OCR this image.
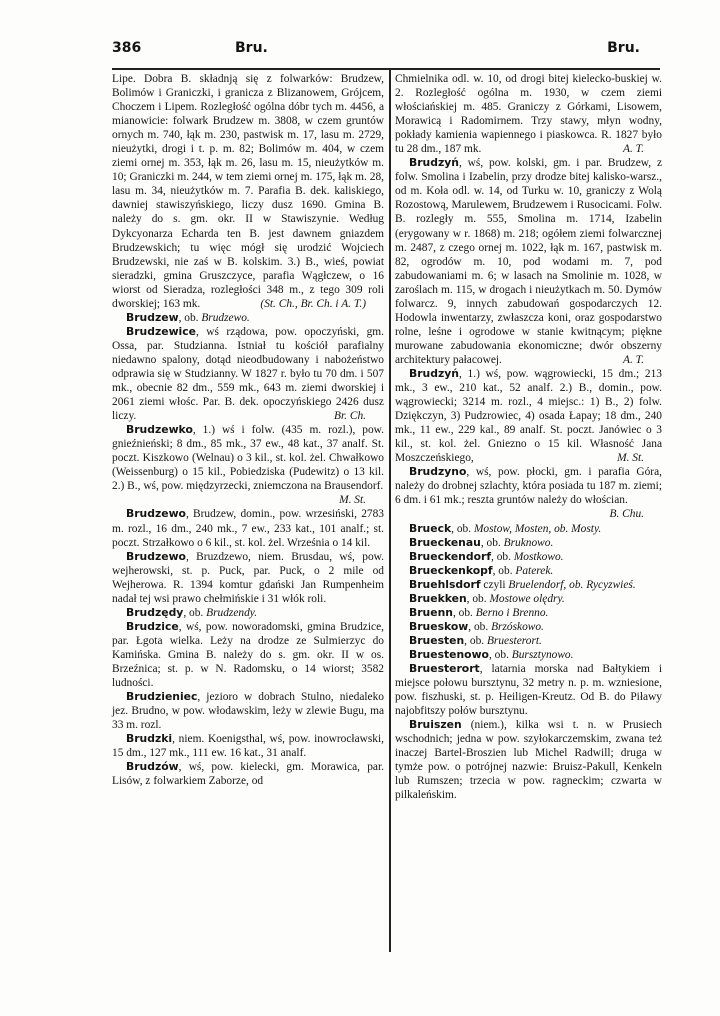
386	Bru.	Bru.

Lipe. Dobra B. składnją się z folwarków: Brudzew, Bolimów i Graniczki, i granicza z Blizanowem, Grójcem, Choczem i Lipem. Rozległość ogólna dóbr tych m. 4456, a mianowicie: folwark Brudzew m. 3808, w czem gruntów ornych m. 740, łąk m. 230, pastwisk m. 17, lasu m. 2729, nieużytki, drogi i t. p. m. 82; Bolimów m. 404, w czem ziemi ornej m. 353, łąk m. 26, lasu m. 15, nieużytków m. 10; Graniczki m. 244, w tem ziemi ornej m. 175, łąk m. 28, lasu m. 34, nieużytków m. 7. Parafia B. dek. kaliskiego, dawniej stawiszyńskiego, liczy dusz 1690. Gmina B. należy do s. gm. okr. II w Stawiszynie. Według Dykcyonarza Echarda ten B. jest dawnem gniazdem Brudzewskich; tu więc mógł się urodzić Wojciech Brudzewski, nie zaś w B. kolskim. 3.) B., wieś, powiat sieradzki, gmina Gruszczyce, parafia Wągłczew, o 16 wiorst od Sieradza, rozległości 348 m., z tego 309 roli dworskiej; 163 mk.	(St. Ch., Br. Ch. i A. T.)

Brudzew, ob. Brudzewo.

Brudzewice, wś rządowa, pow. opoczyński, gm. Ossa, par. Studzianna. Istniał tu kościół parafialny niedawno spalony, dotąd nieodbudowany i nabożeństwo odprawia się w Studzianny. W 1827 r. było tu 70 dm. i 507 mk., obecnie 82 dm., 559 mk., 643 m. ziemi dworskiej i 2061 ziemi włośc. Par. B. dek. opoczyńskiego 2426 dusz liczy.	Br. Ch.

Brudzewko, 1.) wś i folw. (435 m. rozl.), pow. gnieźnieński; 8 dm., 85 mk., 37 ew., 48 kat., 37 analf. St. poczt. Kiszkowo (Welnau) o 3 kil., st. kol. żel. Chwałkowo (Weissenburg) o 15 kil., Pobiedziska (Pudewitz) o 13 kil. 2.) B., wś, pow. międzyrzecki, zniemczona na Brausendorf.
M. St.

Brudzewo, Brudzew, domin., pow. wrzesiński, 2783 m. rozl., 16 dm., 240 mk., 7 ew., 233 kat., 101 analf.; st. poczt. Strzałkowo o 6 kil., st. kol. żel. Września o 14 kil.

Brudzewo, Bruzdzewo, niem. Brusdau, wś, pow. wejherowski, st. p. Puck, par. Puck, o 2 mile od Wejherowa. R. 1394 komtur gdański Jan Rumpenheim nadał tej wsi prawo chełmińskie i 31 włók roli.

Brudzędy, ob. Brudzendy.

Brudzice, wś, pow. noworadomski, gmina Brudzice, par. Łgota wielka. Leży na drodze ze Sulmierzyc do Kamińska. Gmina B. należy do s. gm. okr. II w os. Brzeźnica; st. p. w N. Radomsku, o 14 wiorst; 3582 ludności.

Brudzieniec, jezioro w dobrach Stulno, niedaleko jez. Brudno, w pow. włodawskim, leży w zlewie Bugu, ma 33 m. rozl.

Brudzki, niem. Koenigsthal, wś, pow. inowrocławski, 15 dm., 127 mk., 111 ew. 16 kat., 31 analf.

Brudzów, wś, pow. kielecki, gm. Morawica, par. Lisów, z folwarkiem Zaborze, od

Chmielnika odl. w. 10, od drogi bitej kielecko-buskiej w. 2. Rozległość ogólna m. 1930, w czem ziemi włościańskiej m. 485. Graniczy z Górkami, Lisowem, Morawicą i Radomirnem. Trzy stawy, młyn wodny, pokłady kamienia wapiennego i piaskowca. R. 1827 było tu 28 dm., 187 mk.	A. T.

Brudzyń, wś, pow. kolski, gm. i par. Brudzew, z folw. Smolina i Izabelin, przy drodze bitej kalisko-warsz., od m. Koła odl. w. 14, od Turku w. 10, graniczy z Wolą Rozostową, Marulewem, Brudzewem i Rusocicami. Folw. B. rozległy m. 555, Smolina m. 1714, Izabelin (erygowany w r. 1868) m. 218; ogółem ziemi folwarcznej m. 2487, z czego ornej m. 1022, łąk m. 167, pastwisk m. 82, ogrodów m. 10, pod wodami m. 7, pod zabudowaniami m. 6; w lasach na Smolinie m. 1028, w zaroślach m. 115, w drogach i nieużytkach m. 50. Dymów folwarcz. 9, innych zabudowań gospodarczych 12. Hodowla inwentarzy, zwłaszcza koni, oraz gospodarstwo rolne, leśne i ogrodowe w stanie kwitnącym; piękne murowane zabudowania ekonomiczne; dwór obszerny architektury pałacowej.	A. T.

Brudzyń, 1.) wś, pow. wągrowiecki, 15 dm.; 213 mk., 3 ew., 210 kat., 52 analf. 2.) B., domin., pow. wągrowiecki; 3214 m. rozl., 4 miejsc.: 1) B., 2) folw. Dziękczyn, 3) Pudzrowiec, 4) osada Łapay; 18 dm., 240 mk., 11 ew., 229 kal., 89 analf. St. poczt. Janówiec o 3 kil., st. kol. żel. Gniezno o 15 kil. Własność Jana Moszczeńskiego,	M. St.

Brudzyno, wś, pow. płocki, gm. i parafia Góra, należy do drobnej szlachty, która posiada tu 187 m. ziemi; 6 dm. i 61 mk.; reszta gruntów należy do włościan.
B. Chu.

Brueck, ob. Mostow, Mosten, ob. Mosty.

Brueckenau, ob. Bruknowo.

Brueckendorf, ob. Mostkowo.

Brueckenkopf, ob. Paterek.

Bruehlsdorf czyli Bruelendorf, ob. Rycyzwieś.

Bruekken, ob. Mostowe olędry.

Bruenn, ob. Berno i Brenno.

Brueskow, ob. Brzóskowo.

Bruesten, ob. Bruesterort.

Bruestenowo, ob. Bursztynowo.

Bruesterort, latarnia morska nad Bałtykiem i miejsce połowu bursztynu, 32 metry n. p. m. wzniesione, pow. fiszhuski, st. p. Heiligen-Kreutz. Od B. do Piławy najobfitszy połów bursztynu.

Bruiszen (niem.), kilka wsi t. n. w Prusiech wschodnich; jedna w pow. szyłokarczemskim, zwana też inaczej Bartel-Broszien lub Michel Radwill; druga w tymże pow. o potrójnej nazwie: Bruisz-Pakull, Kenkeln lub Rumszen; trzecia w pow. ragneckim; czwarta w pilkaleńskim.
